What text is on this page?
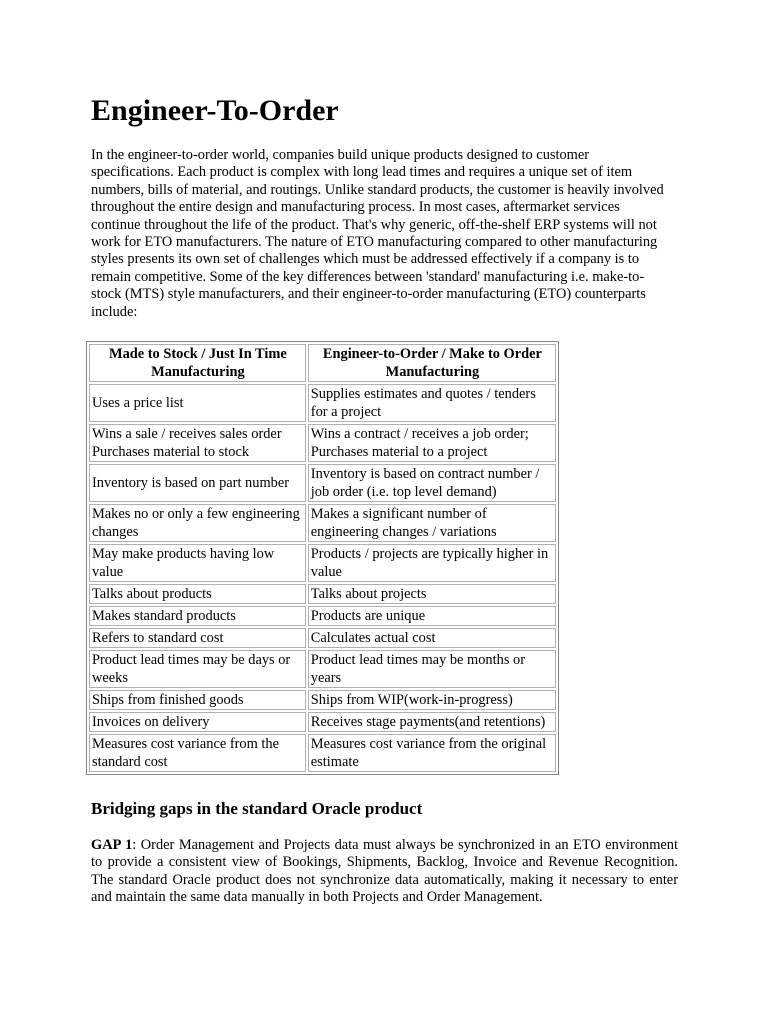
Engineer-To-Order

In the engineer-to-order world, companies build unique products designed to customer specifications. Each product is complex with long lead times and requires a unique set of item numbers, bills of material, and routings. Unlike standard products, the customer is heavily involved throughout the entire design and manufacturing process. In most cases, aftermarket services continue throughout the life of the product. That's why generic, off-the-shelf ERP systems will not work for ETO manufacturers. The nature of ETO manufacturing compared to other manufacturing styles presents its own set of challenges which must be addressed effectively if a company is to remain competitive. Some of the key differences between 'standard' manufacturing i.e. make-to-stock (MTS) style manufacturers, and their engineer-to-order manufacturing (ETO) counterparts include:

Made to Stock / Just In Time Manufacturing	Engineer-to-Order / Make to Order Manufacturing
Uses a price list	Supplies estimates and quotes / tenders for a project
Wins a sale / receives sales order Purchases material to stock	Wins a contract / receives a job order; Purchases material to a project
Inventory is based on part number	Inventory is based on contract number / job order (i.e. top level demand)
Makes no or only a few engineering changes	Makes a significant number of engineering changes / variations
May make products having low value	Products / projects are typically higher in value
Talks about products	Talks about projects
Makes standard products	Products are unique
Refers to standard cost	Calculates actual cost
Product lead times may be days or weeks	Product lead times may be months or years
Ships from finished goods	Ships from WIP(work-in-progress)
Invoices on delivery	Receives stage payments(and retentions)
Measures cost variance from the standard cost	Measures cost variance from the original estimate
Bridging gaps in the standard Oracle product

GAP 1: Order Management and Projects data must always be synchronized in an ETO environment to provide a consistent view of Bookings, Shipments, Backlog, Invoice and Revenue Recognition. The standard Oracle product does not synchronize data automatically, making it necessary to enter and maintain the same data manually in both Projects and Order Management.
